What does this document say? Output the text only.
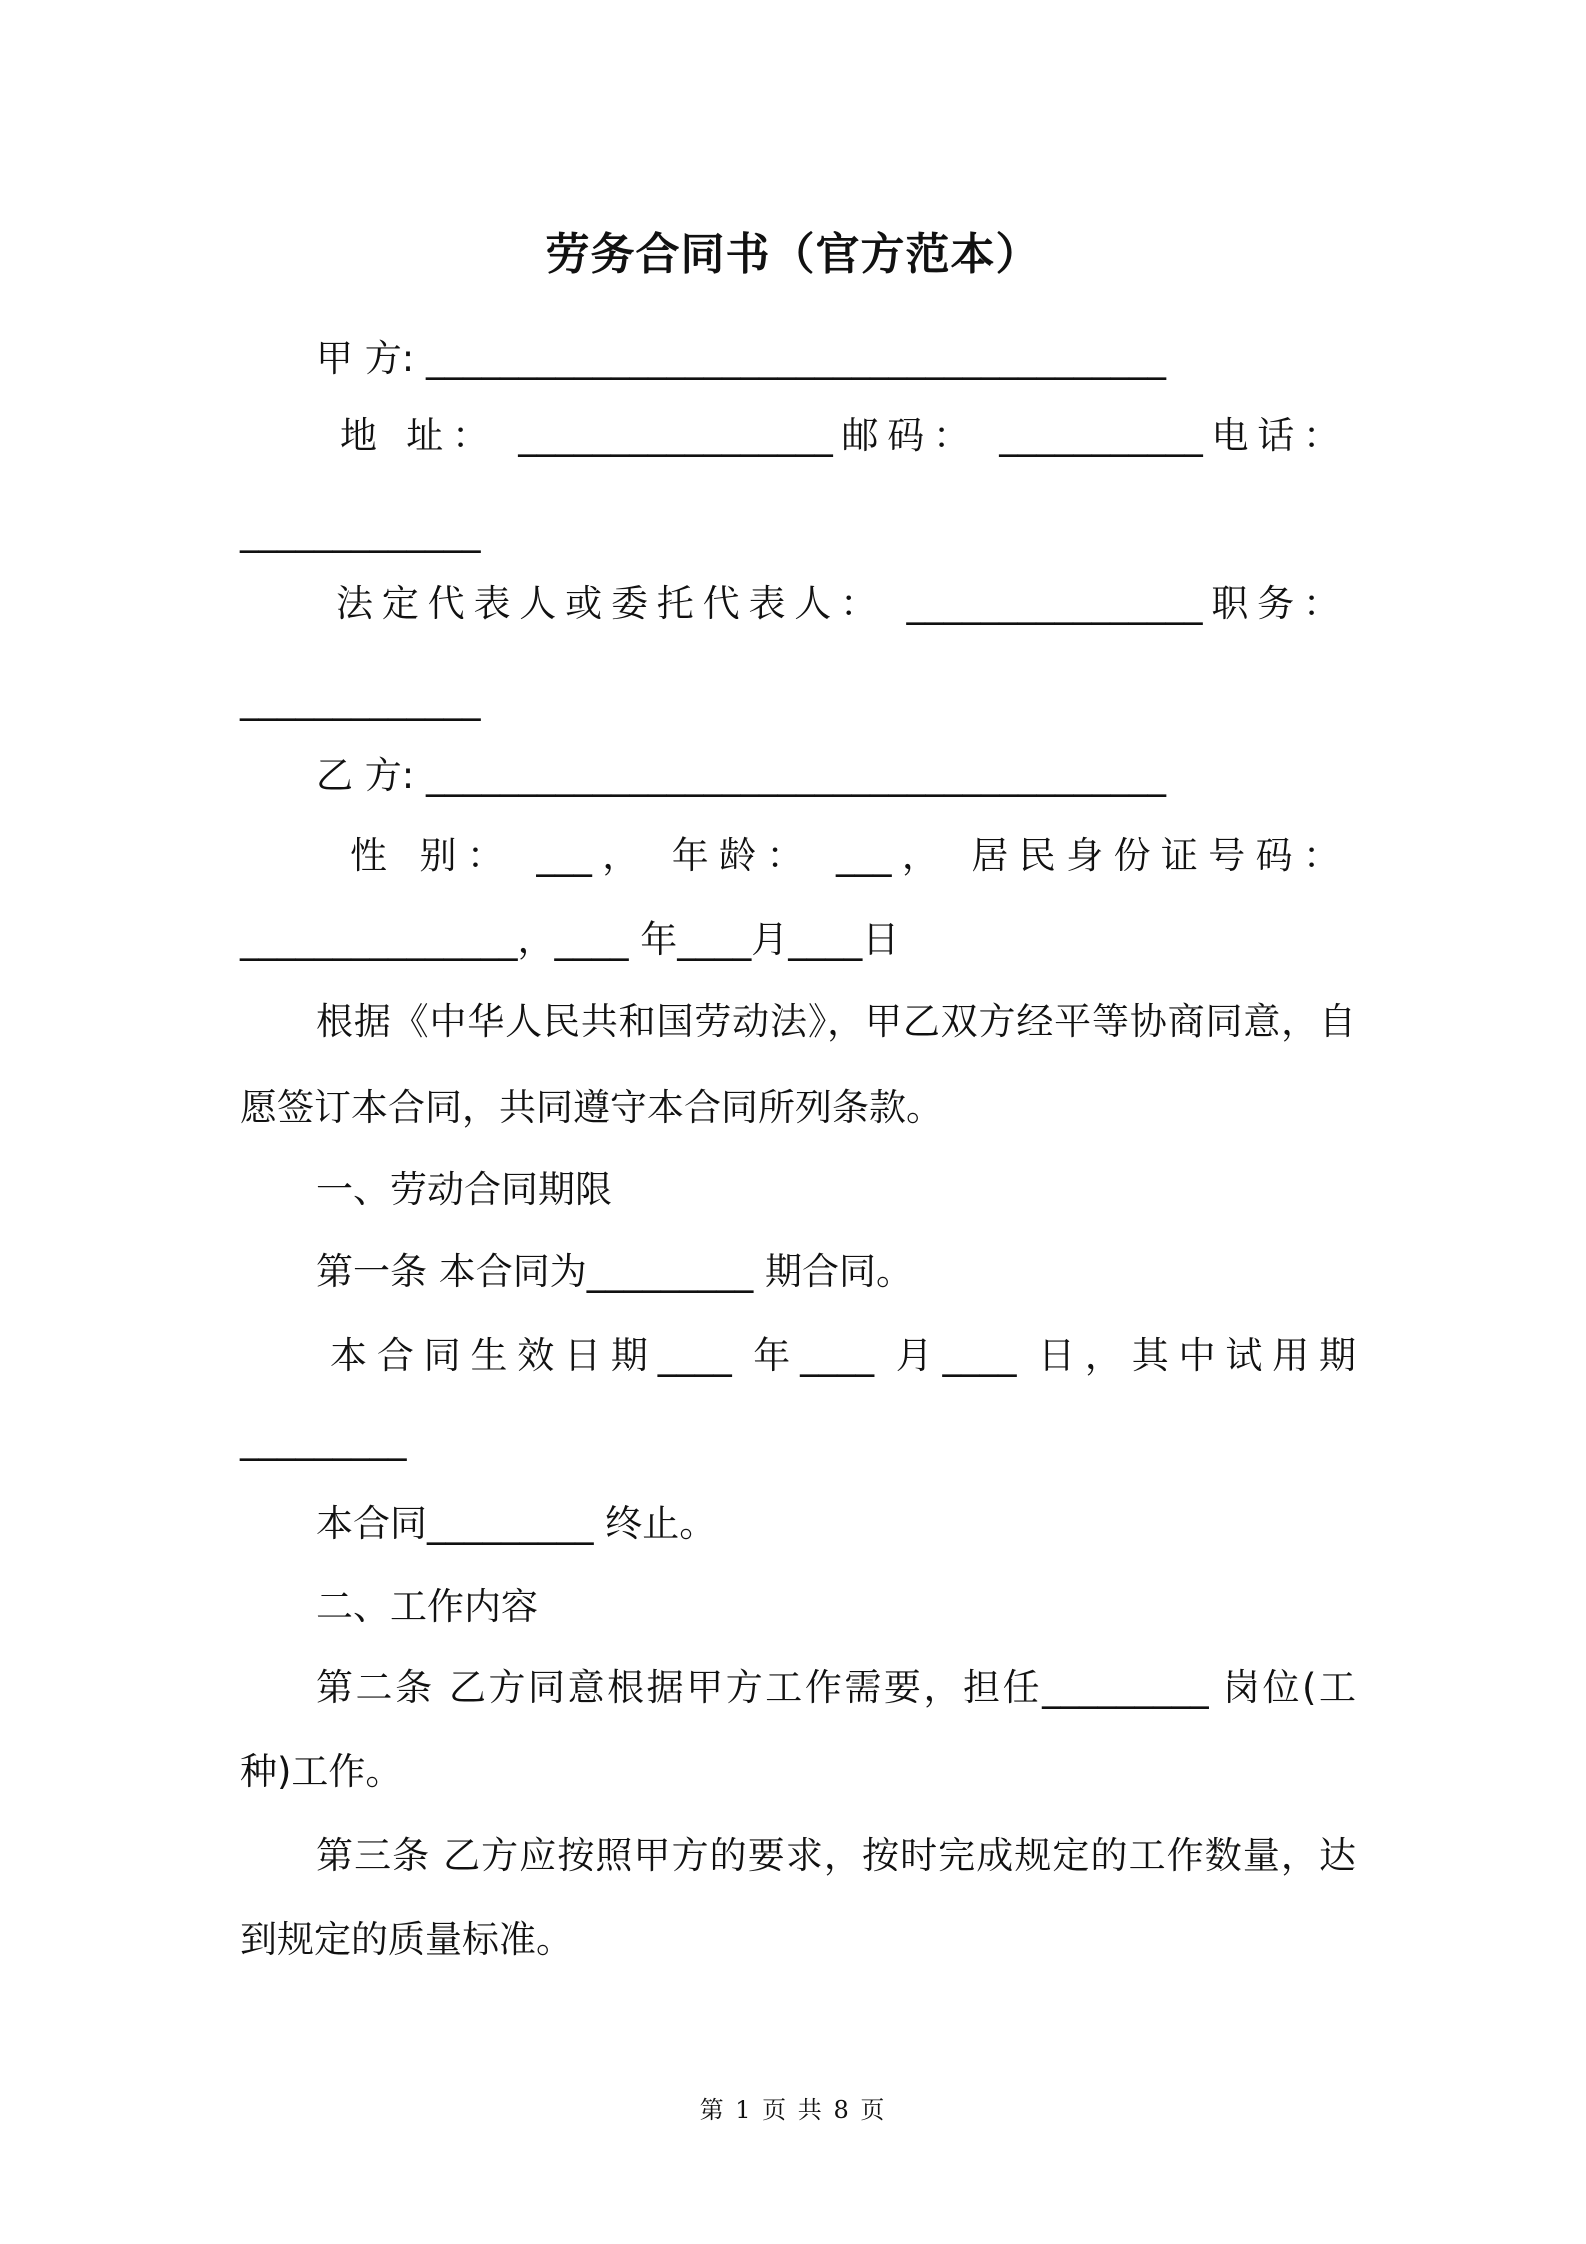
劳务合同书（官方范本）
甲 方: ________________________________________
地 址： _________________邮码： ___________电话：
_____________
法定代表人或委托代表人： ________________职务：
_____________
乙 方: ________________________________________
性 别： ___， 年龄： ___， 居民身份证号码：
_______________，____ 年____月____日
根据《中华人民共和国劳动法》，甲乙双方经平等协商同意，自
愿签订本合同，共同遵守本合同所列条款。
一、劳动合同期限
第一条 本合同为_________ 期合同。
本合同生效日期____ 年____ 月____ 日，其中试用期
_________
本合同_________ 终止。
二、工作内容
第二条 乙方同意根据甲方工作需要，担任_________ 岗位(工
种)工作。
第三条 乙方应按照甲方的要求，按时完成规定的工作数量，达
到规定的质量标准。
第 1 页 共 8 页
